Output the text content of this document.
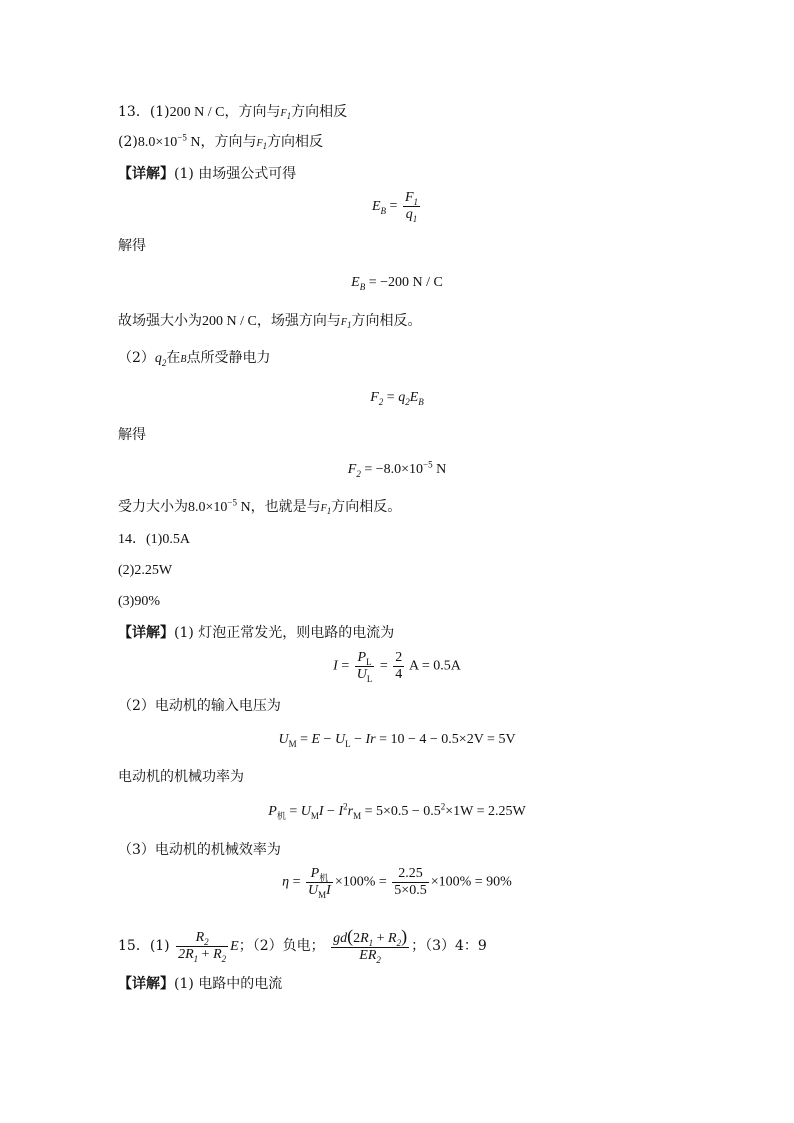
13．(1)200 N / C，方向与$F_1$方向相反
$(2)8.0\times 10^{-5}$ N，方向与$F_1$方向相反
【详解】(1) 由场强公式可得
$E_B = \frac{F_1}{q_1}$
解得
$E_B = -200$ N / C
故场强大小为200 N / C，场强方向与$F_1$方向相反。
$(2)q_2$在B点所受静电力
$F_2 = q_2E_B$
解得
$F_2 = -8.0\times 10^{-5}$ N
受力大小为$8.0\times 10^{-5}$ N，也就是与$F_1$方向相反。
14．(1)0.5A
(2)2.25W
(3)90%
【详解】(1) 灯泡正常发光，则电路的电流为
$I = \frac{P_L}{U_L} = \frac{2}{4}$ A = 0.5A
（2）电动机的输入电压为
$U_M = E - U_L - Ir = 10 - 4 - 0.5\times 2V = 5V$
电动机的机械功率为
$P_机 = U_MI - I^2r_M = 5\times 0.5 - 0.5^2\times 1W = 2.25W$
（3）电动机的机械效率为
$\eta = \frac{P_机}{U_MI} \times 100\% = \frac{2.25}{5\times 0.5} \times 100\% = 90\%$
15．$(1) \frac{R_2}{2R_1 + R_2}$ E；（2）负电； $\frac{gd(2R_1 + R_2)}{ER_2}$ ；（3）4：9
【详解】(1) 电路中的电流
